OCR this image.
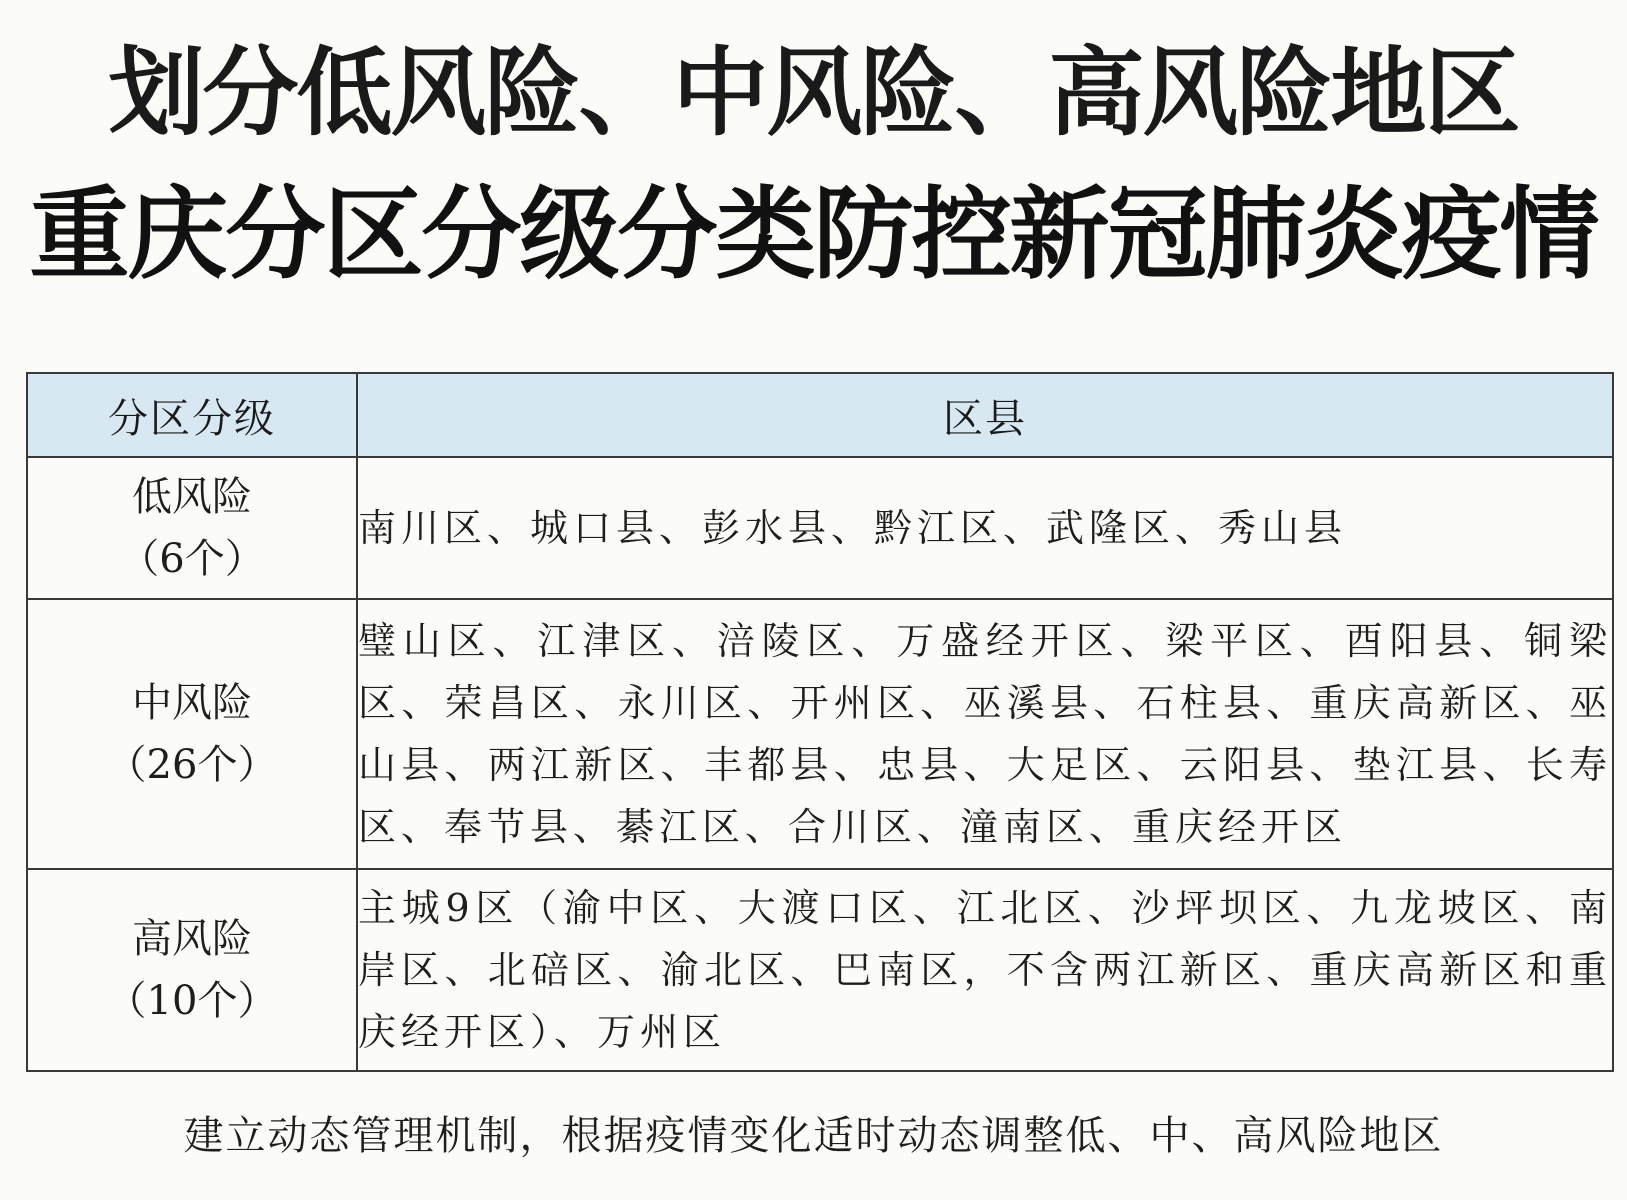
划分低风险、中风险、高风险地区
重庆分区分级分类防控新冠肺炎疫情
分区分级	区县

低风险
（6个）	南川区、城口县、彭水县、黔江区、武隆区、秀山县

中风险
（26个）	璧山区、江津区、涪陵区、万盛经开区、梁平区、酉阳县、铜梁区、荣昌区、永川区、开州区、巫溪县、石柱县、重庆高新区、巫山县、两江新区、丰都县、忠县、大足区、云阳县、垫江县、长寿区、奉节县、綦江区、合川区、潼南区、重庆经开区

高风险
（10个）	主城9区（渝中区、大渡口区、江北区、沙坪坝区、九龙坡区、南岸区、北碚区、渝北区、巴南区，不含两江新区、重庆高新区和重庆经开区）、万州区
建立动态管理机制，根据疫情变化适时动态调整低、中、高风险地区
